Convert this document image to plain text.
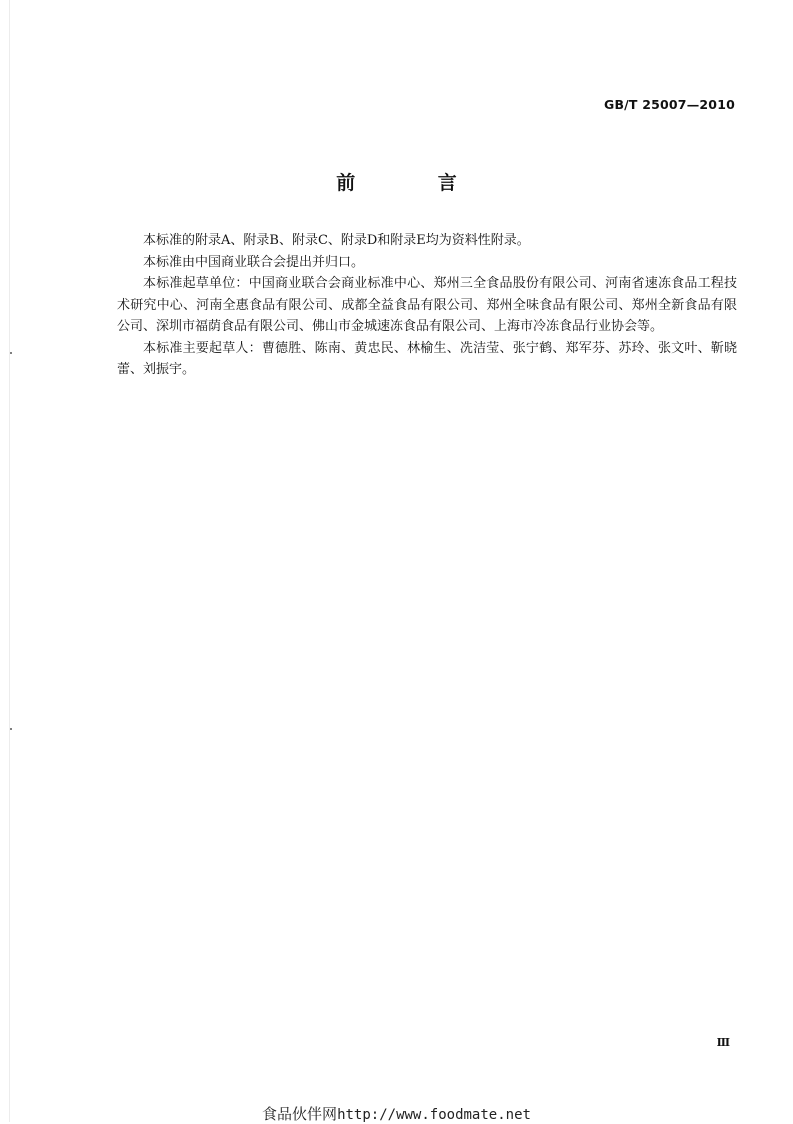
GB/T 25007—2010
前 言

本标准的附录A、附录B、附录C、附录D和附录E均为资料性附录。

本标准由中国商业联合会提出并归口。

本标准起草单位：中国商业联合会商业标准中心、郑州三全食品股份有限公司、河南省速冻食品工程技术研究中心、河南全惠食品有限公司、成都全益食品有限公司、郑州全味食品有限公司、郑州全新食品有限公司、深圳市福荫食品有限公司、佛山市金城速冻食品有限公司、上海市冷冻食品行业协会等。

本标准主要起草人：曹德胜、陈南、黄忠民、林榆生、冼洁莹、张宁鹤、郑军芬、苏玲、张文叶、靳晓蕾、刘振宇。

Ⅲ
食品伙伴网http://www.foodmate.net
